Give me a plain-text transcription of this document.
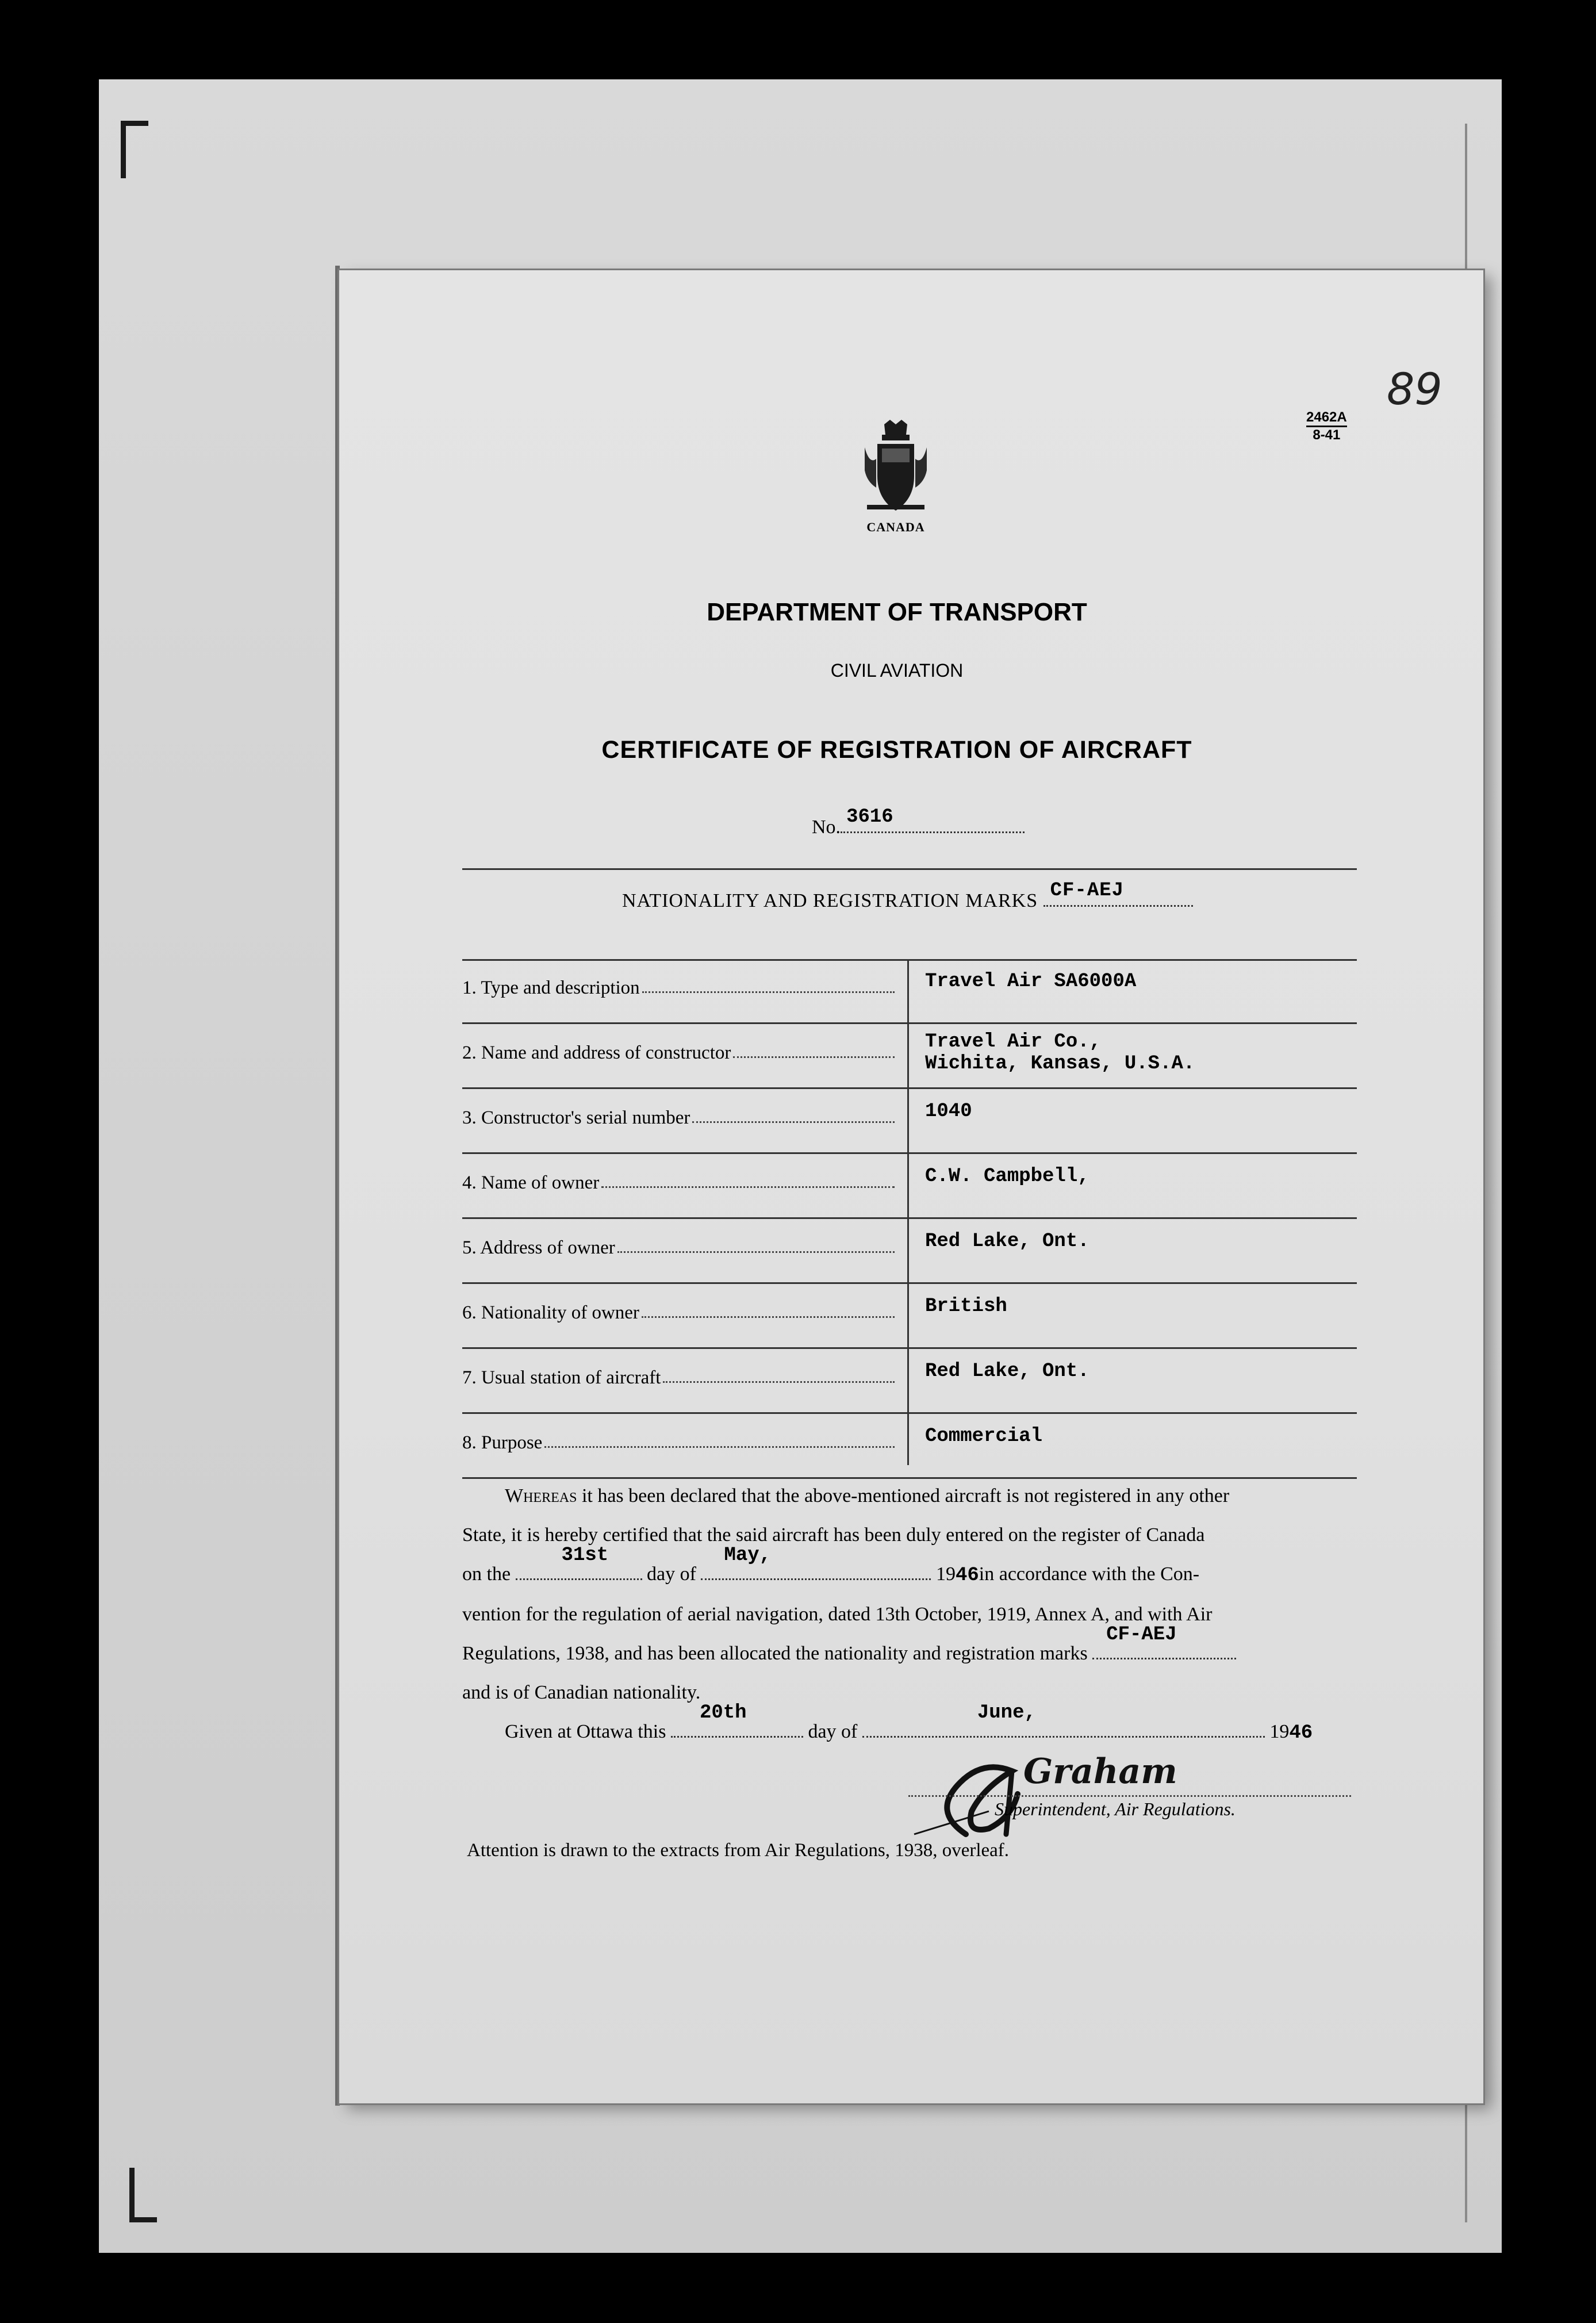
2462A
8-41
89
CANADA
DEPARTMENT OF TRANSPORT
CIVIL AVIATION
CERTIFICATE OF REGISTRATION OF AIRCRAFT
No. 3616
NATIONALITY AND REGISTRATION MARKS CF-AEJ
1. Type and description	Travel Air SA6000A
2. Name and address of constructor	Travel Air Co.,
Wichita, Kansas, U.S.A.
3. Constructor's serial number	1040
4. Name of owner	C.W. Campbell,
5. Address of owner	Red Lake, Ont.
6. Nationality of owner	British
7. Usual station of aircraft	Red Lake, Ont.
8. Purpose	Commercial
Whereas it has been declared that the above-mentioned aircraft is not registered in any other
State, it is hereby certified that the said aircraft has been duly entered on the register of Canada
on the
31st
day of
May,
1946in accordance with the Con-
vention for the regulation of aerial navigation, dated 13th October, 1919, Annex A, and with Air
Regulations, 1938, and has been allocated the nationality and registration marks
CF-AEJ
and is of Canadian nationality.
Given at Ottawa this
20th
day of
June,
1946
Superintendent, Air Regulations.
Graham
Attention is drawn to the extracts from Air Regulations, 1938, overleaf.
